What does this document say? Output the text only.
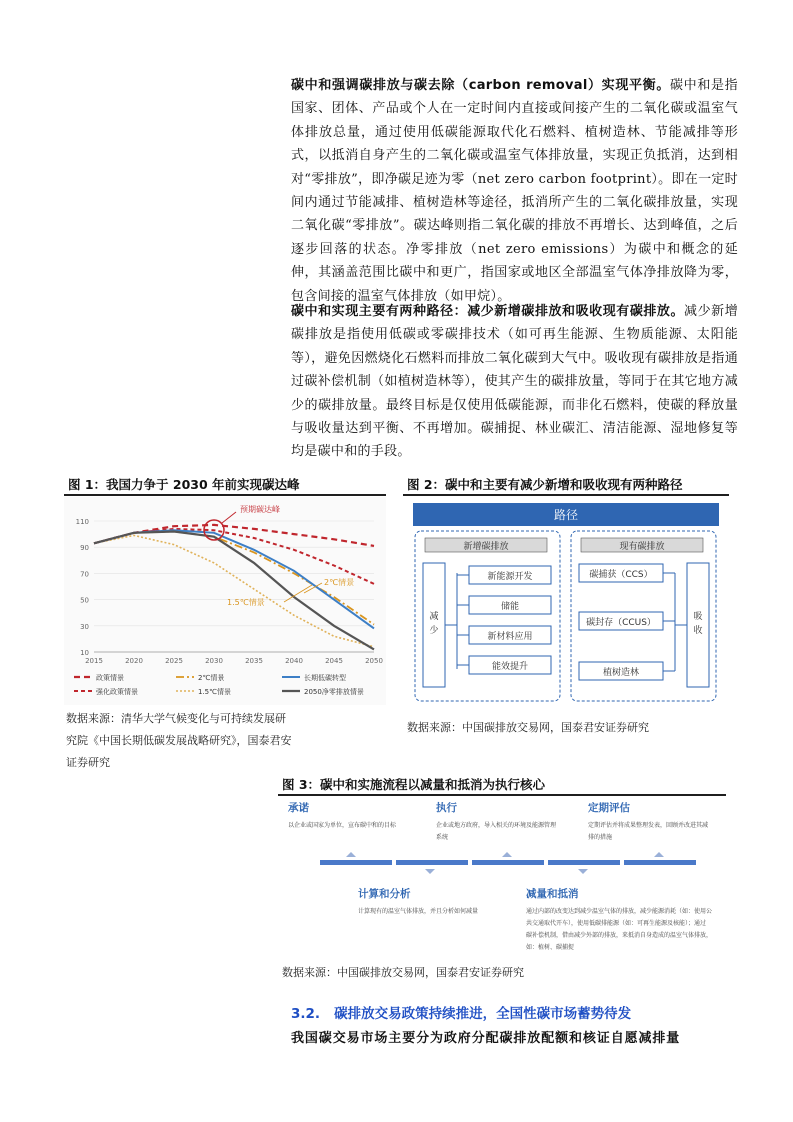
碳中和强调碳排放与碳去除（carbon removal）实现平衡。碳中和是指国家、团体、产品或个人在一定时间内直接或间接产生的二氧化碳或温室气体排放总量，通过使用低碳能源取代化石燃料、植树造林、节能减排等形式，以抵消自身产生的二氧化碳或温室气体排放量，实现正负抵消，达到相对“零排放”，即净碳足迹为零（net zero carbon footprint）。即在一定时间内通过节能减排、植树造林等途径，抵消所产生的二氧化碳排放量，实现二氧化碳“零排放”。碳达峰则指二氧化碳的排放不再增长、达到峰值，之后逐步回落的状态。净零排放（net zero emissions）为碳中和概念的延伸，其涵盖范围比碳中和更广，指国家或地区全部温室气体净排放降为零，包含间接的温室气体排放（如甲烷）。
碳中和实现主要有两种路径：减少新增碳排放和吸收现有碳排放。减少新增碳排放是指使用低碳或零碳排技术（如可再生能源、生物质能源、太阳能等），避免因燃烧化石燃料而排放二氧化碳到大气中。吸收现有碳排放是指通过碳补偿机制（如植树造林等），使其产生的碳排放量，等同于在其它地方减少的碳排放量。最终目标是仅使用低碳能源，而非化石燃料，使碳的释放量与吸收量达到平衡、不再增加。碳捕捉、林业碳汇、清洁能源、湿地修复等均是碳中和的手段。
图 1：我国力争于 2030 年前实现碳达峰
10
30
50
70
90
110
2015	2020	2025	2030	2035	2040	2045	2050
预期碳达峰
2℃情景
1.5℃情景
政策情景
强化政策情景
2℃情景
1.5℃情景
长期低碳转型
2050净零排放情景
数据来源：清华大学气候变化与可持续发展研究院《中国长期低碳发展战略研究》，国泰君安证券研究
图 2：碳中和主要有减少新增和吸收现有两种路径
路径
新增碳排放	现有碳排放
减
少
新能源开发
储能
新材料应用
能效提升
吸
收
碳捕获（CCS）
碳封存（CCUS）
植树造林
数据来源：中国碳排放交易网，国泰君安证券研究
图 3：碳中和实施流程以减量和抵消为执行核心
承诺
以企业或国家为单位，宣布碳中和的目标
执行
企业或地方政府，导入相关的环境及能源管理
系统
定期评估
定期评估并将成果整理发表，回顾并改进其减
排的措施
计算和分析
计算现有的温室气体排放，并且分析如何减量
减量和抵消
通过内部的改变达到减少温室气体的排放，减少能源消耗（如：使用公
共交通取代开车），使用低碳排能源（如：可再生能源及核能）；通过
碳补偿机制，借由减少外部的排放，来抵消自身造成的温室气体排放，
如：植树、碳捕捉
数据来源：中国碳排放交易网，国泰君安证券研究
3.2. 碳排放交易政策持续推进，全国性碳市场蓄势待发
我国碳交易市场主要分为政府分配碳排放配额和核证自愿减排量
